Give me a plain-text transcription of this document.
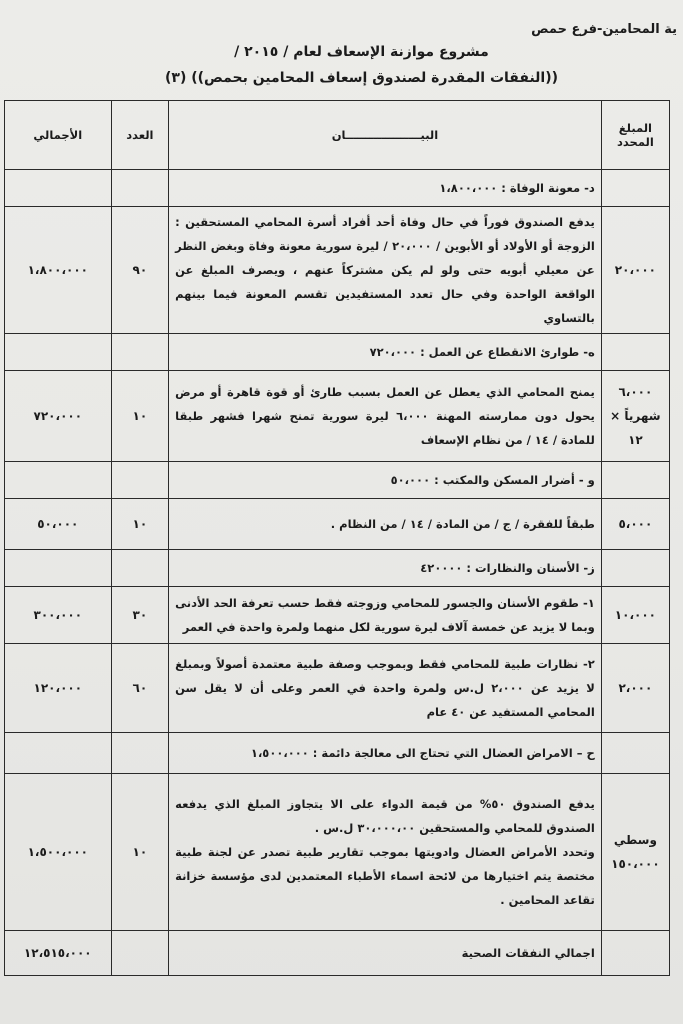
ية المحامين-فرع حمص
مشروع موازنة الإسعاف لعام / ٢٠١٥ /
((النفقات المقدرة لصندوق إسعاف المحامين بحمص)) (٣)
المبلغ المحدد	البيـــــــــــــــــــان	العدد	الأجمالي
	د- معونة الوفاة : ١،٨٠٠،٠٠٠		
٢٠،٠٠٠	يدفع الصندوق فوراً في حال وفاة أحد أفراد أسرة المحامي المستحقين : الزوجة أو الأولاد أو الأبوين / ٢٠،٠٠٠ / ليرة سورية معونة وفاة وبغض النظر عن معيلي أبويه حتى ولو لم يكن مشتركاً عنهم ، ويصرف المبلغ عن الواقعة الواحدة وفي حال تعدد المستفيدين تقسم المعونة فيما بينهم بالتساوي	٩٠	١،٨٠٠،٠٠٠
	ه- طوارئ الانقطاع عن العمل : ٧٢٠،٠٠٠		
٦،٠٠٠ شهرياً × ١٢	يمنح المحامي الذي يعطل عن العمل بسبب طارئ أو قوة قاهرة أو مرض يحول دون ممارسته المهنة ٦،٠٠٠ ليرة سورية تمنح شهرا فشهر طبقا للمادة / ١٤ / من نظام الإسعاف	١٠	٧٢٠،٠٠٠
	و - أضرار المسكن والمكتب : ٥٠،٠٠٠		
٥،٠٠٠	طبقاً للفقرة / ج / من المادة / ١٤ / من النظام .	١٠	٥٠،٠٠٠
	ز- الأسنان والنظارات : ٤٢٠٠٠٠		
١٠،٠٠٠	١- طقوم الأسنان والجسور للمحامي وزوجته فقط حسب تعرفة الحد الأدنى وبما لا يزيد عن خمسة آلاف ليرة سورية لكل منهما ولمرة واحدة في العمر	٣٠	٣٠٠،٠٠٠
٢،٠٠٠	٢- نظارات طبية للمحامي فقط وبموجب وصفة طبية معتمدة أصولاً وبمبلغ لا يزيد عن ٢،٠٠٠ ل.س ولمرة واحدة في العمر وعلى أن لا يقل سن المحامي المستفيد عن ٤٠ عام	٦٠	١٢٠،٠٠٠
	ح – الامراض العضال التي تحتاج الى معالجة دائمة : ١،٥٠٠،٠٠٠		
وسطي ١٥٠،٠٠٠	يدفع الصندوق ٥٠% من قيمة الدواء على الا يتجاوز المبلغ الذي يدفعه الصندوق للمحامي والمستحقين ٣٠،٠٠٠،٠٠ ل.س .
وتحدد الأمراض العضال وادويتها بموجب تقارير طبية تصدر عن لجنة طبية مختصة يتم اختيارها من لائحة اسماء الأطباء المعتمدين لدى مؤسسة خزانة تقاعد المحامين .	١٠	١،٥٠٠،٠٠٠
	اجمالي النفقات الصحية		١٢،٥١٥،٠٠٠
